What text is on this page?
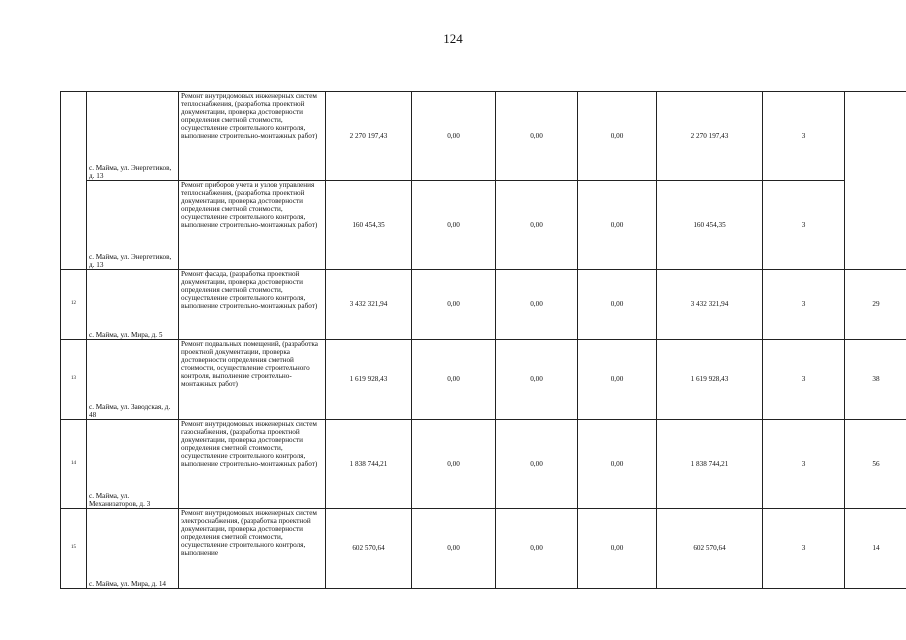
124
	с. Майма, ул. Энергетиков, д. 13	Ремонт внутридомовых инженерных систем теплоснабжения, (разработка проектной документации, проверка достоверности определения сметной стоимости, осуществление строительного контроля, выполнение строительно-монтажных работ)	2 270 197,43	0,00	0,00	0,00	2 270 197,43	3	
	с. Майма, ул. Энергетиков, д. 13	Ремонт приборов учета и узлов управления теплоснабжения, (разработка проектной документации, проверка достоверности определения сметной стоимости, осуществление строительного контроля, выполнение строительно-монтажных работ)	160 454,35	0,00	0,00	0,00	160 454,35	3	
12	с. Майма, ул. Мира, д. 5	Ремонт фасада, (разработка проектной документации, проверка достоверности определения сметной стоимости, осуществление строительного контроля, выполнение строительно-монтажных работ)	3 432 321,94	0,00	0,00	0,00	3 432 321,94	3	29
13	с. Майма, ул. Заводская, д. 48	Ремонт подвальных помещений, (разработка проектной документации, проверка достоверности определения сметной стоимости, осуществление строительного контроля, выполнение строительно-монтажных работ)	1 619 928,43	0,00	0,00	0,00	1 619 928,43	3	38
14	с. Майма, ул. Механизаторов, д. 3	Ремонт внутридомовых инженерных систем газоснабжения, (разработка проектной документации, проверка достоверности определения сметной стоимости, осуществление строительного контроля, выполнение строительно-монтажных работ)	1 838 744,21	0,00	0,00	0,00	1 838 744,21	3	56
15	с. Майма, ул. Мира, д. 14	Ремонт внутридомовых инженерных систем электроснабжения, (разработка проектной документации, проверка достоверности определения сметной стоимости, осуществление строительного контроля, выполнение	602 570,64	0,00	0,00	0,00	602 570,64	3	14
